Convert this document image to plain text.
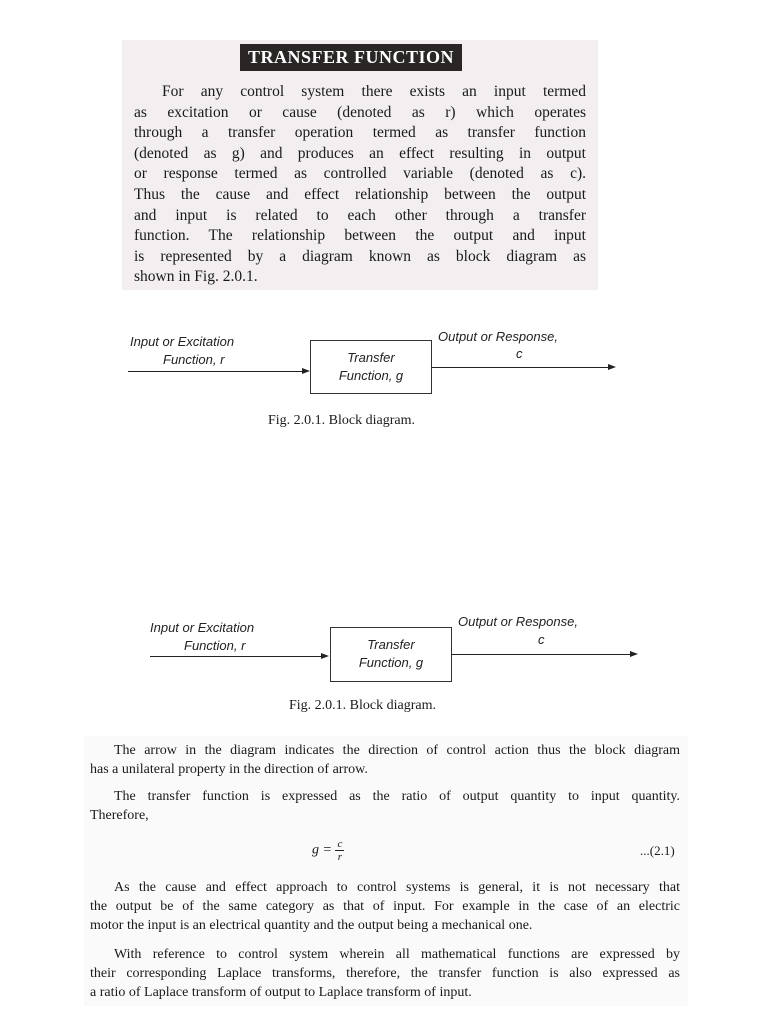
TRANSFER FUNCTION
For any control system there exists an input termed
as excitation or cause (denoted as r) which operates
through a transfer operation termed as transfer function
(denoted as g) and produces an effect resulting in output
or response termed as controlled variable (denoted as c).
Thus the cause and effect relationship between the output
and input is related to each other through a transfer
function. The relationship between the output and input
is represented by a diagram known as block diagram as
shown in Fig. 2.0.1.
Input or Excitation
Function, r	Transfer
Function, g
Output or Response,
c
Fig. 2.0.1. Block diagram.
Input or Excitation
Function, r	Transfer
Function, g
Output or Response,
c
Fig. 2.0.1. Block diagram.
The arrow in the diagram indicates the direction of control action thus the block diagram
has a unilateral property in the direction of arrow.
The transfer function is expressed as the ratio of output quantity to input quantity.
Therefore,
$g = \frac{c}{r}$	...(2.1)
As the cause and effect approach to control systems is general, it is not necessary that
the output be of the same category as that of input. For example in the case of an electric
motor the input is an electrical quantity and the output being a mechanical one.
With reference to control system wherein all mathematical functions are expressed by
their corresponding Laplace transforms, therefore, the transfer function is also expressed as
a ratio of Laplace transform of output to Laplace transform of input.
